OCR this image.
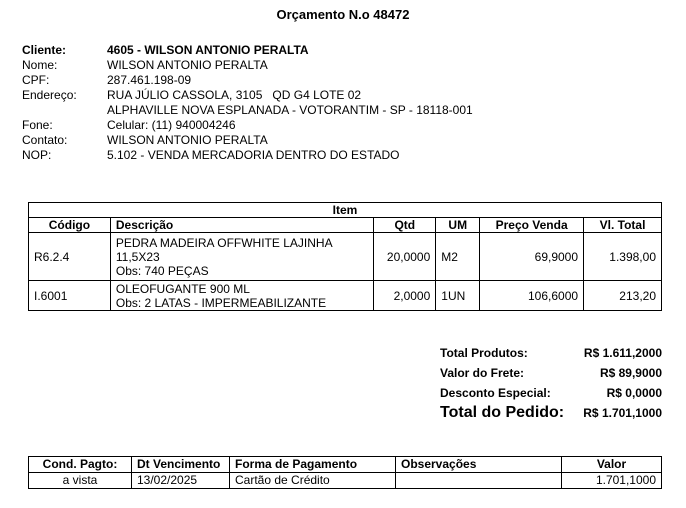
Orçamento N.o 48472
Cliente:	4605 - WILSON ANTONIO PERALTA
Nome:	WILSON ANTONIO PERALTA
CPF:	287.461.198-09
Endereço:	RUA JÚLIO CASSOLA, 3105   QD G4 LOTE 02
ALPHAVILLE NOVA ESPLANADA - VOTORANTIM - SP - 18118-001
Fone:	Celular: (11) 940004246
Contato:	WILSON ANTONIO PERALTA
NOP:	5.102 - VENDA MERCADORIA DENTRO DO ESTADO
Item					
Código	Descrição	Qtd	UM	Preço Venda	Vl. Total
R6.2.4	PEDRA MADEIRA OFFWHITE LAJINHA
11,5X23
Obs: 740 PEÇAS	20,0000	M2	69,9000	1.398,00
I.6001	OLEOFUGANTE 900 ML
Obs: 2 LATAS - IMPERMEABILIZANTE	2,0000	1UN	106,6000	213,20
Total Produtos:	R$ 1.611,2000
Valor do Frete:	R$ 89,9000
Desconto Especial:	R$ 0,0000
Total do Pedido: R$ 1.701,1000
Cond. Pagto:	Dt Vencimento	Forma de Pagamento	Observações	Valor
a vista	13/02/2025	Cartão de Crédito		1.701,1000
